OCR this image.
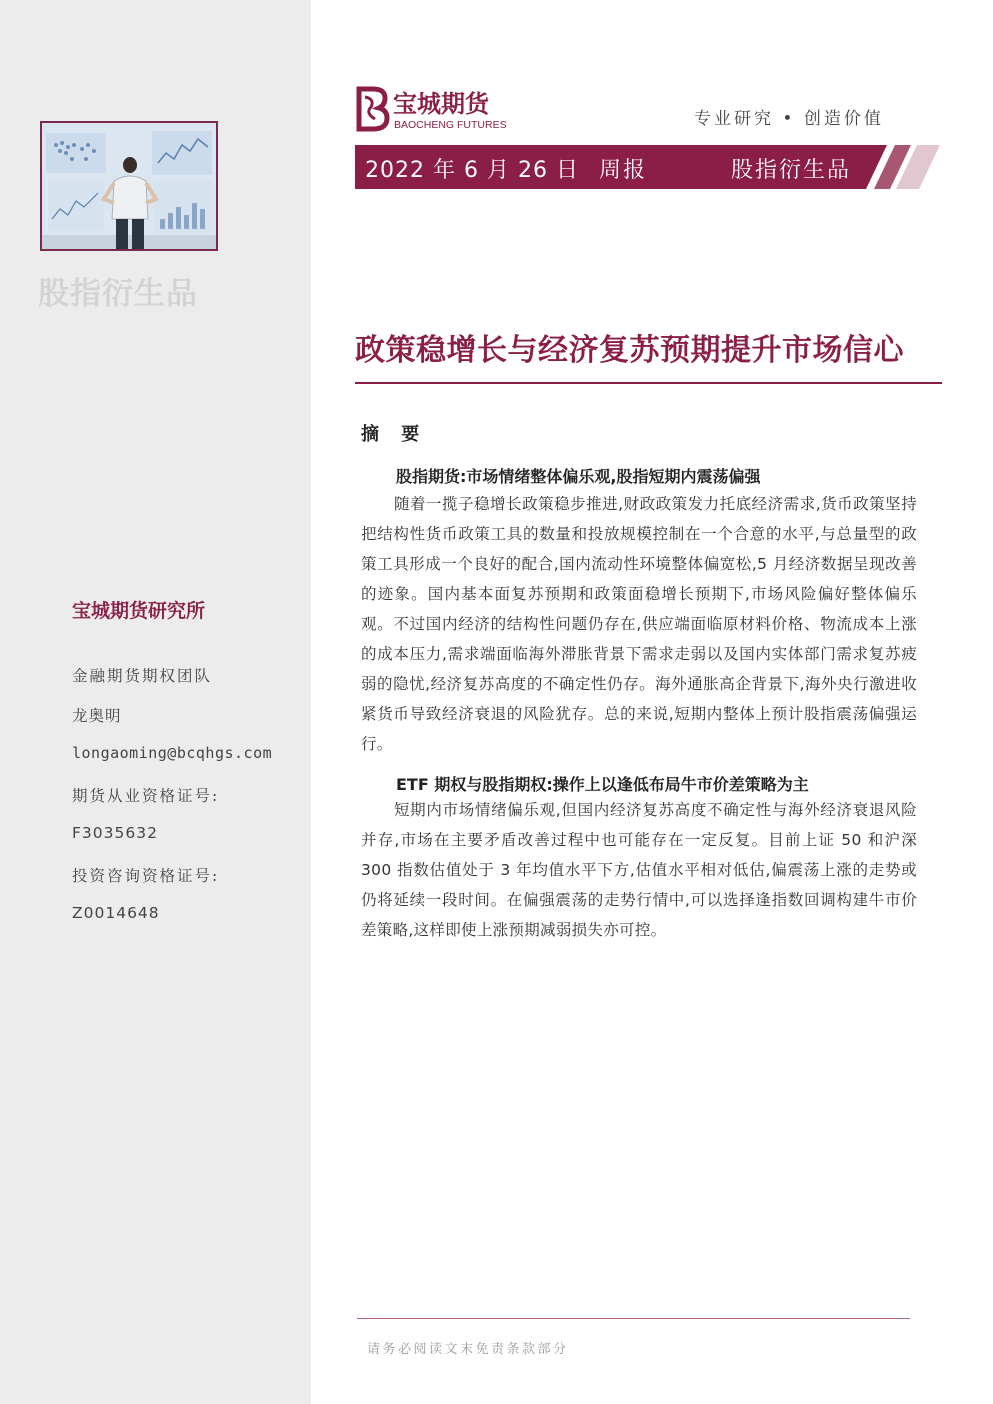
股指衍生品
宝城期货研究所
金融期货期权团队
龙奥明
longaoming@bcqhgs.com
期货从业资格证号:
F3035632
投资咨询资格证号:
Z0014648
宝城期货
BAOCHENG FUTURES	专业研究 • 创造价值
2022 年 6 月 26 日 周报	股指衍生品
政策稳增长与经济复苏预期提升市场信心
摘 要
股指期货:市场情绪整体偏乐观,股指短期内震荡偏强

随着一揽子稳增长政策稳步推进,财政政策发力托底经济需求,货币政策坚持把结构性货币政策工具的数量和投放规模控制在一个合意的水平,与总量型的政策工具形成一个良好的配合,国内流动性环境整体偏宽松,5 月经济数据呈现改善的迹象。国内基本面复苏预期和政策面稳增长预期下,市场风险偏好整体偏乐观。不过国内经济的结构性问题仍存在,供应端面临原材料价格、物流成本上涨的成本压力,需求端面临海外滞胀背景下需求走弱以及国内实体部门需求复苏疲弱的隐忧,经济复苏高度的不确定性仍存。海外通胀高企背景下,海外央行激进收紧货币导致经济衰退的风险犹存。总的来说,短期内整体上预计股指震荡偏强运行。

ETF 期权与股指期权:操作上以逢低布局牛市价差策略为主

短期内市场情绪偏乐观,但国内经济复苏高度不确定性与海外经济衰退风险并存,市场在主要矛盾改善过程中也可能存在一定反复。目前上证 50 和沪深 300 指数估值处于 3 年均值水平下方,估值水平相对低估,偏震荡上涨的走势或仍将延续一段时间。在偏强震荡的走势行情中,可以选择逢指数回调构建牛市价差策略,这样即使上涨预期减弱损失亦可控。

请务必阅读文末免责条款部分
